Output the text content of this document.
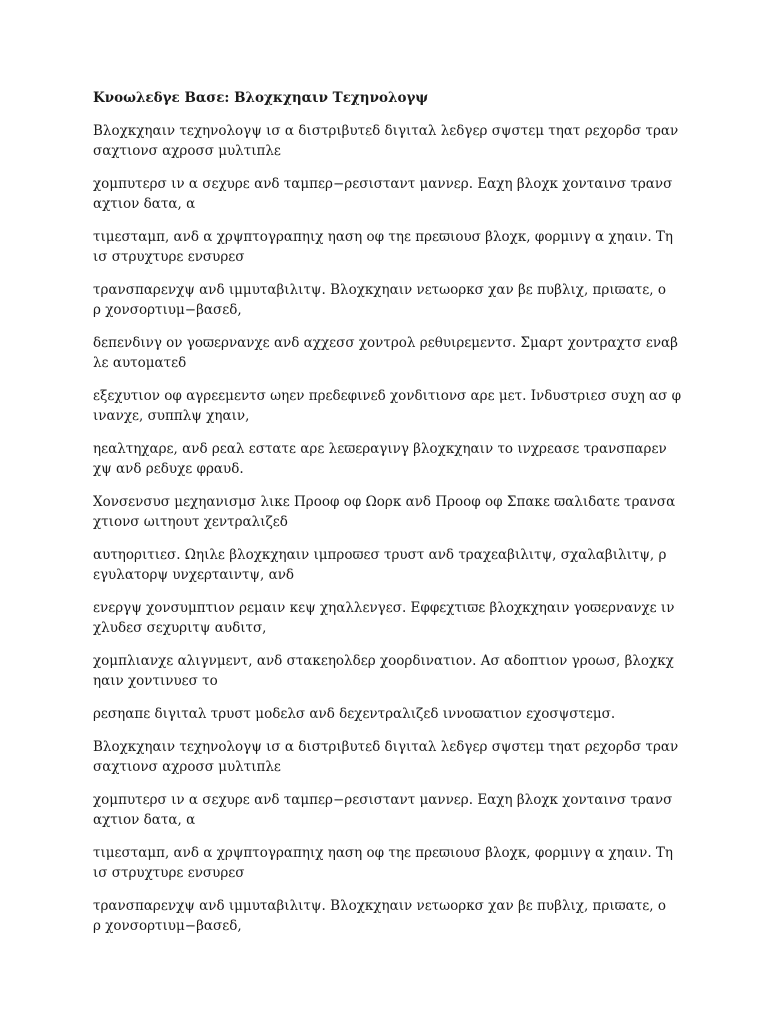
Κνοωλεδγε Βασε: Βλοχκχηαιν Τεχηνολογψ

Βλοχκχηαιν τεχηνολογψ ισ α διστριβυτεδ διγιταλ λεδγερ σψστεμ τηατ ρεχορδσ τραν
σαχτιονσ αχροσσ μυλτιπλε

χομπυτερσ ιν α σεχυρε ανδ ταμπερ−ρεσισταντ μαννερ. Εαχη βλοχκ χονταινσ τρανσ
αχτιον δατα, α

τιμεσταμπ, ανδ α χρψπτογραπηιχ ηαση οφ τηε πρεϖιουσ βλοχκ, φορμινγ α χηαιν. Τη
ισ στρυχτυρε ενσυρεσ

τρανσπαρενχψ ανδ ιμμυταβιλιτψ. Βλοχκχηαιν νετωορκσ χαν βε πυβλιχ, πριϖατε, ο
ρ χονσορτιυμ−βασεδ,

δεπενδινγ ον γοϖερνανχε ανδ αχχεσσ χοντρολ ρεθυιρεμεντσ. Σμαρτ χοντραχτσ εναβ
λε αυτοματεδ

εξεχυτιον οφ αγρεεμεντσ ωηεν πρεδεφινεδ χονδιτιονσ αρε μετ. Ινδυστριεσ συχη ασ φ
ινανχε, συππλψ χηαιν,

ηεαλτηχαρε, ανδ ρεαλ εστατε αρε λεϖεραγινγ βλοχκχηαιν το ινχρεασε τρανσπαρεν
χψ ανδ ρεδυχε φραυδ.

Χονσενσυσ μεχηανισμσ λικε Προοφ οφ Ωορκ ανδ Προοφ οφ Σπακε ϖαλιδατε τρανσα
χτιονσ ωιτηουτ χεντραλιζεδ

αυτηοριτιεσ. Ωηιλε βλοχκχηαιν ιμπροϖεσ τρυστ ανδ τραχεαβιλιτψ, σχαλαβιλιτψ, ρ
εγυλατορψ υνχερταιντψ, ανδ

ενεργψ χονσυμπτιον ρεμαιν κεψ χηαλλενγεσ. Εφφεχτιϖε βλοχκχηαιν γοϖερνανχε ιν
χλυδεσ σεχυριτψ αυδιτσ,

χομπλιανχε αλιγνμεντ, ανδ στακεηολδερ χοορδινατιον. Ασ αδοπτιον γροωσ, βλοχκχ
ηαιν χοντινυεσ το

ρεσηαπε διγιταλ τρυστ μοδελσ ανδ δεχεντραλιζεδ ιννοϖατιον εχοσψστεμσ.

Βλοχκχηαιν τεχηνολογψ ισ α διστριβυτεδ διγιταλ λεδγερ σψστεμ τηατ ρεχορδσ τραν
σαχτιονσ αχροσσ μυλτιπλε

χομπυτερσ ιν α σεχυρε ανδ ταμπερ−ρεσισταντ μαννερ. Εαχη βλοχκ χονταινσ τρανσ
αχτιον δατα, α

τιμεσταμπ, ανδ α χρψπτογραπηιχ ηαση οφ τηε πρεϖιουσ βλοχκ, φορμινγ α χηαιν. Τη
ισ στρυχτυρε ενσυρεσ

τρανσπαρενχψ ανδ ιμμυταβιλιτψ. Βλοχκχηαιν νετωορκσ χαν βε πυβλιχ, πριϖατε, ο
ρ χονσορτιυμ−βασεδ,
